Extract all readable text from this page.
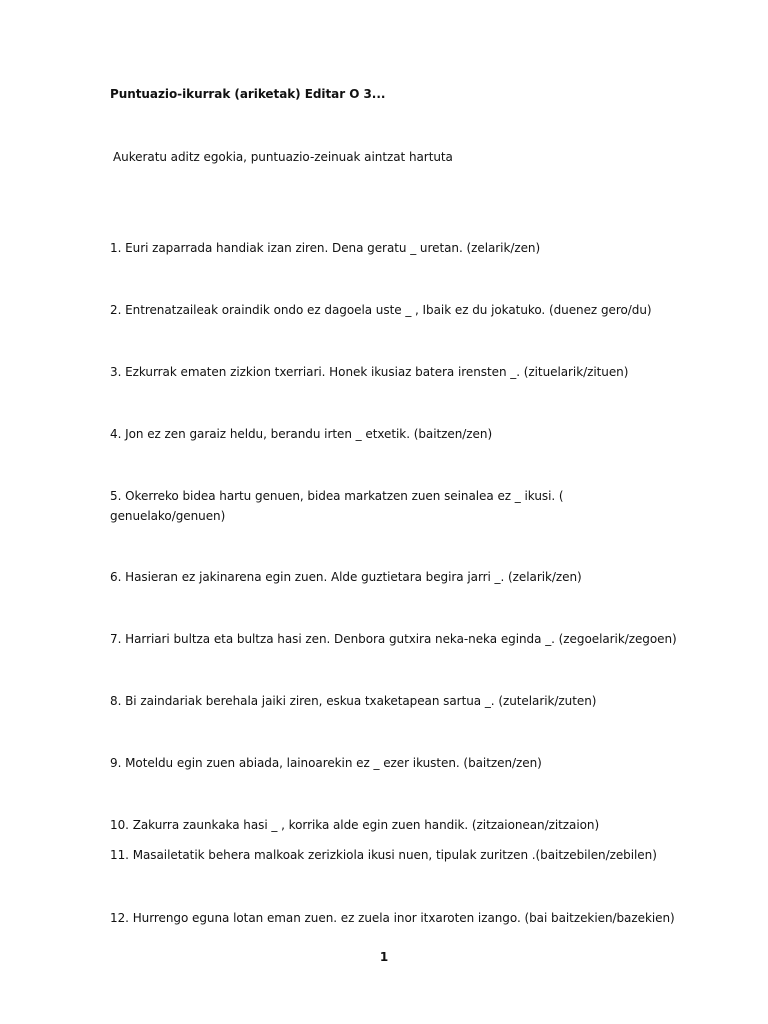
Puntuazio-ikurrak (ariketak) Editar O 3...
Aukeratu aditz egokia, puntuazio-zeinuak aintzat hartuta
1. Euri zaparrada handiak izan ziren. Dena geratu _ uretan. (zelarik/zen)
2. Entrenatzaileak oraindik ondo ez dagoela uste _ , Ibaik ez du jokatuko. (duenez gero/du)
3. Ezkurrak ematen zizkion txerriari. Honek ikusiaz batera irensten _. (zituelarik/zituen)
4. Jon ez zen garaiz heldu, berandu irten _ etxetik. (baitzen/zen)
5. Okerreko bidea hartu genuen, bidea markatzen zuen seinalea ez _ ikusi. ( genuelako/genuen)
6. Hasieran ez jakinarena egin zuen. Alde guztietara begira jarri _. (zelarik/zen)
7. Harriari bultza eta bultza hasi zen. Denbora gutxira neka-neka eginda _. (zegoelarik/zegoen)
8. Bi zaindariak berehala jaiki ziren, eskua txaketapean sartua _. (zutelarik/zuten)
9. Moteldu egin zuen abiada, lainoarekin ez _ ezer ikusten. (baitzen/zen)
10. Zakurra zaunkaka hasi _ , korrika alde egin zuen handik. (zitzaionean/zitzaion)
11. Masailetatik behera malkoak zerizkiola ikusi nuen, tipulak zuritzen .(baitzebilen/zebilen)
12. Hurrengo eguna lotan eman zuen. ez zuela inor itxaroten izango. (bai baitzekien/bazekien)
1
